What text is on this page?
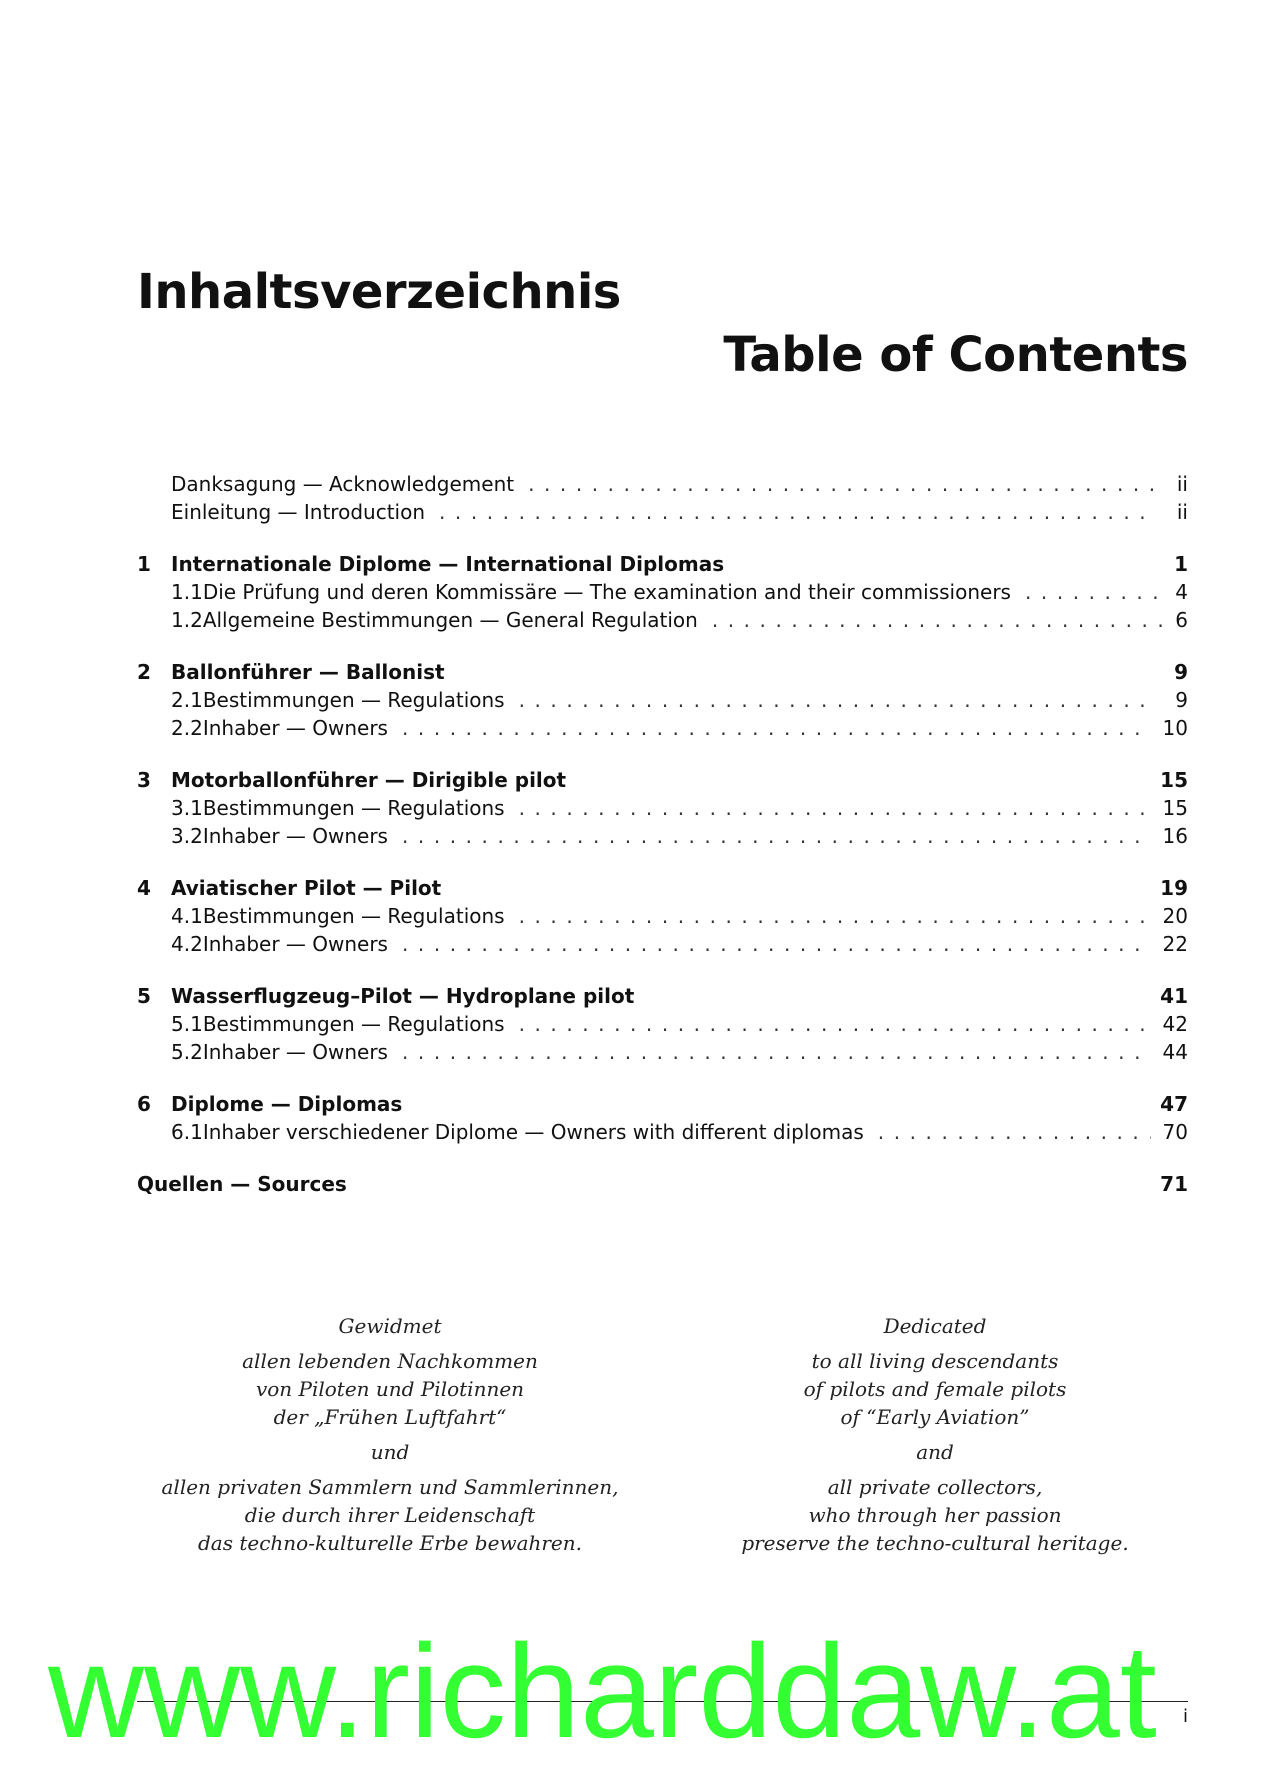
Inhaltsverzeichnis
Table of Contents
Danksagung — Acknowledgement . . .	ii
Einleitung — Introduction . . .	ii
1	Internationale Diplome — International Diplomas	1
1.1 Die Prüfung und deren Kommissäre — The examination and their commissioners . . .	4
1.2 Allgemeine Bestimmungen — General Regulation . . .	6
2	Ballonführer — Ballonist	9
2.1 Bestimmungen — Regulations . . .	9
2.2 Inhaber — Owners . . .	10
3	Motorballonführer — Dirigible pilot	15
3.1 Bestimmungen — Regulations . . .	15
3.2 Inhaber — Owners . . .	16
4	Aviatischer Pilot — Pilot	19
4.1 Bestimmungen — Regulations . . .	20
4.2 Inhaber — Owners . . .	22
5	Wasserflugzeug–Pilot — Hydroplane pilot	41
5.1 Bestimmungen — Regulations . . .	42
5.2 Inhaber — Owners . . .	44
6	Diplome — Diplomas	47
6.1 Inhaber verschiedener Diplome — Owners with different diplomas . . .	70
Quellen — Sources	71

Gewidmet

allen lebenden Nachkommen
von Piloten und Pilotinnen
der „Frühen Luftfahrt“

und

allen privaten Sammlern und Sammlerinnen,
die durch ihrer Leidenschaft
das techno-kulturelle Erbe bewahren.

Dedicated

to all living descendants
of pilots and female pilots
of “Early Aviation”

and

all private collectors,
who through her passion
preserve the techno-cultural heritage.

i
www.richarddaw.at
